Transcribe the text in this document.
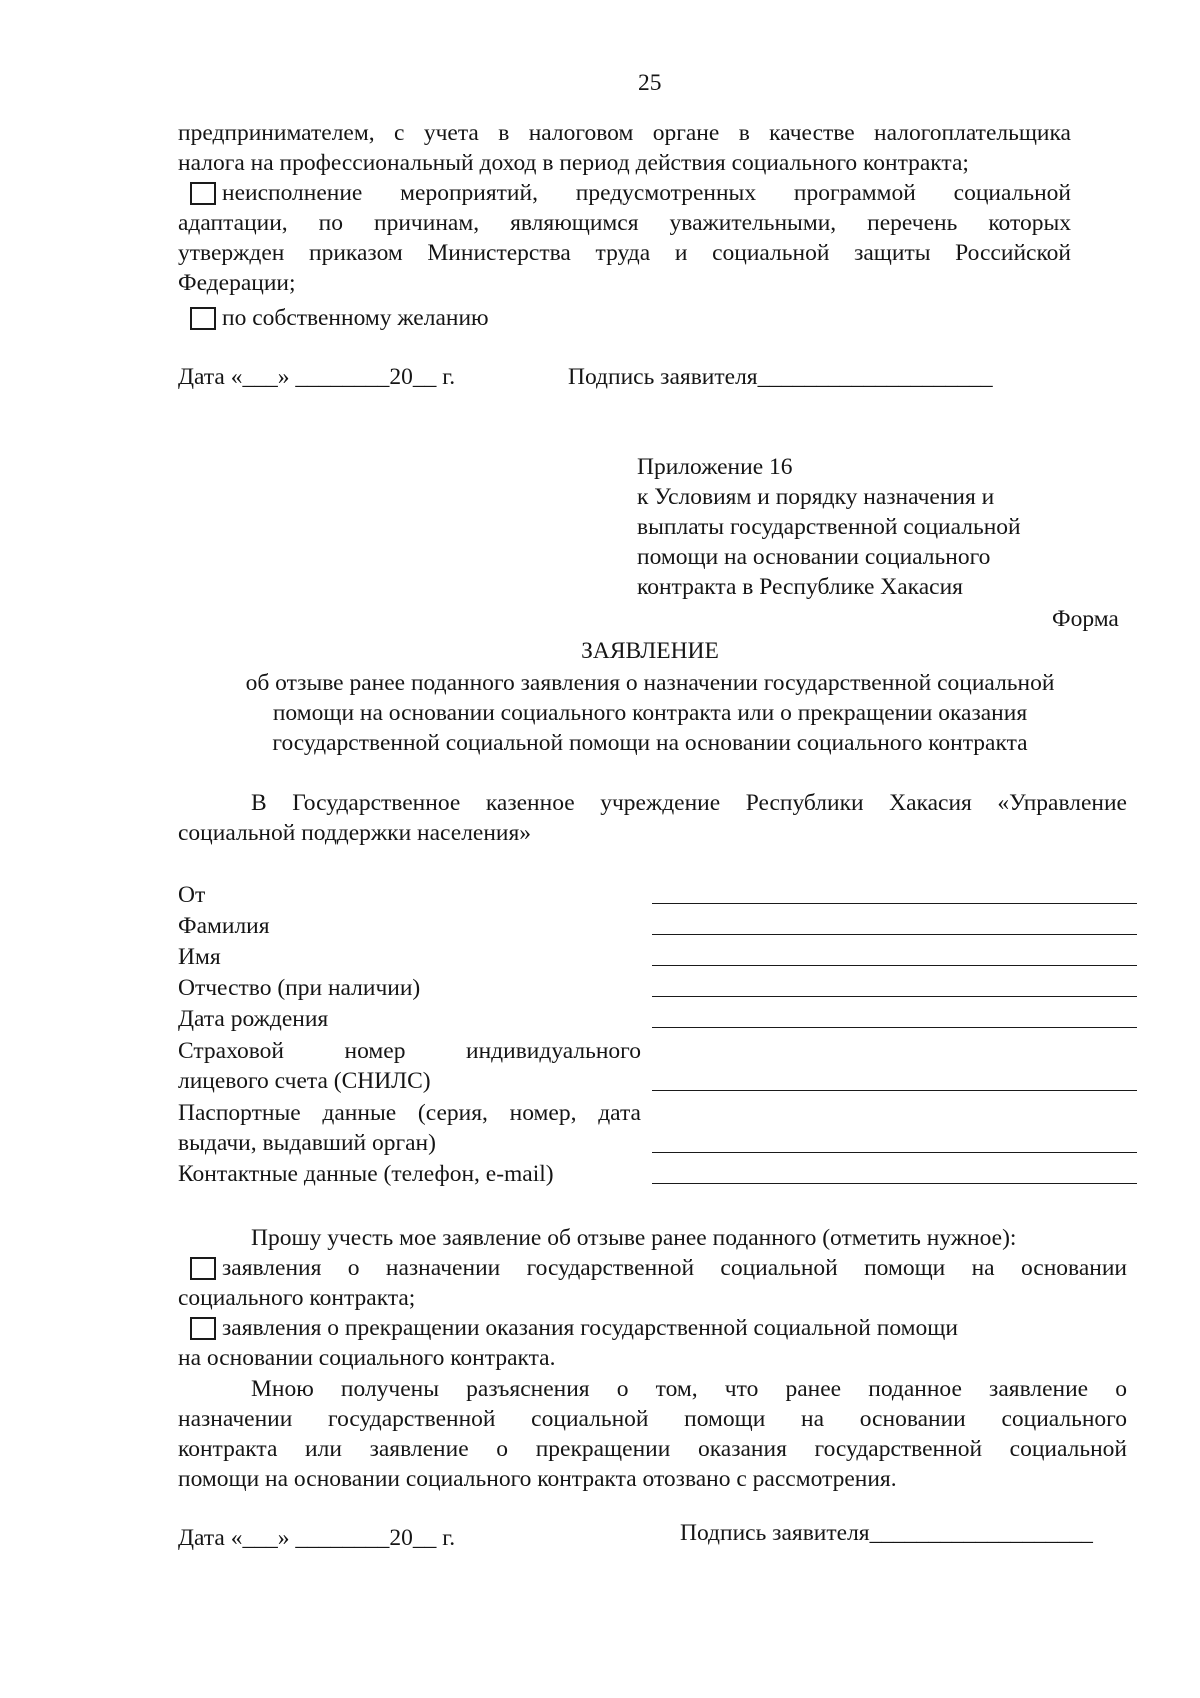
25
предпринимателем, с учета в налоговом органе в качестве налогоплательщика
налога на профессиональный доход в период действия социального контракта;
неисполнение мероприятий, предусмотренных программой социальной
адаптации, по причинам, являющимся уважительными, перечень которых
утвержден приказом Министерства труда и социальной защиты Российской
Федерации;
по собственному желанию
Дата «___» ________20__ г.	Подпись заявителя____________________
Приложение 16
к Условиям и порядку назначения и
выплаты государственной социальной
помощи на основании социального
контракта в Республике Хакасия
Форма
ЗАЯВЛЕНИЕ
об отзыве ранее поданного заявления о назначении государственной социальной
помощи на основании социального контракта или о прекращении оказания
государственной социальной помощи на основании социального контракта
В Государственное казенное учреждение Республики Хакасия «Управление
социальной поддержки населения»
От
Фамилия
Имя
Отчество (при наличии)
Дата рождения
Страховой номер индивидуального
лицевого счета (СНИЛС)
Паспортные данные (серия, номер, дата
выдачи, выдавший орган)
Контактные данные (телефон, e-mail)
Прошу учесть мое заявление об отзыве ранее поданного (отметить нужное):
заявления о назначении государственной социальной помощи на основании
социального контракта;
заявления о прекращении оказания государственной социальной помощи
на основании социального контракта.
Мною получены разъяснения о том, что ранее поданное заявление о
назначении государственной социальной помощи на основании социального
контракта или заявление о прекращении оказания государственной социальной
помощи на основании социального контракта отозвано с рассмотрения.
Дата «___» ________20__ г.	Подпись заявителя___________________
